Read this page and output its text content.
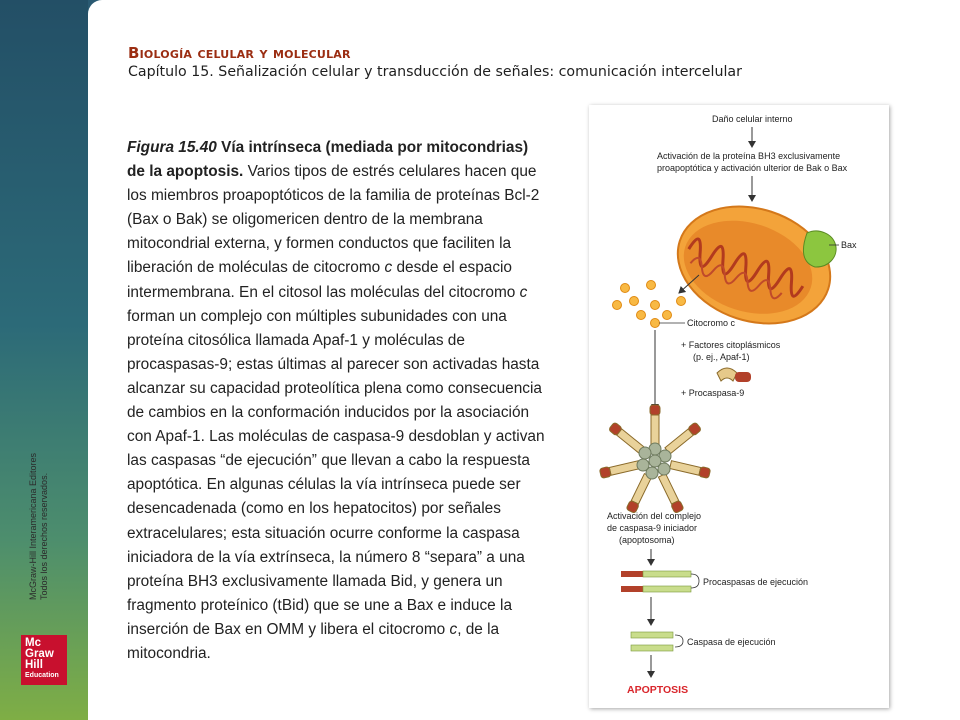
Biología celular y molecular

Capítulo 15. Señalización celular y transducción de señales: comunicación intercelular

Figura 15.40 Vía intrínseca (mediada por mitocondrias) de la apoptosis. Varios tipos de estrés celulares hacen que los miembros proapoptóticos de la familia de proteínas Bcl-2 (Bax o Bak) se oligomericen dentro de la membrana mitocondrial externa, y formen conductos que faciliten la liberación de moléculas de citocromo c desde el espacio intermembrana. En el citosol las moléculas del citocromo c forman un complejo con múltiples subunidades con una proteína citosólica llamada Apaf-1 y moléculas de procaspasas-9; estas últimas al parecer son activadas hasta alcanzar su capacidad proteolítica plena como consecuencia de cambios en la conformación inducidos por la asociación con Apaf-1. Las moléculas de caspasa-9 desdoblan y activan las caspasas “de ejecución” que llevan a cabo la respuesta apoptótica. En algunas células la vía intrínseca puede ser desencadenada (como en los hepatocitos) por señales extracelulares; esta situación ocurre conforme la caspasa iniciadora de la vía extrínseca, la número 8 “separa” a una proteína BH3 exclusivamente llamada Bid, y genera un fragmento proteínico (tBid) que se une a Bax e induce la inserción de Bax en OMM y libera el citocromo c, de la mitocondria.

McGraw-Hill Interamericana Editores Todos los derechos reservados.
Mc
Graw
Hill
Education
Daño celular interno
Activación de la proteína BH3 exclusivamente
proapoptótica y activación ulterior de Bak o Bax
Bax
Citocromo c
+ Factores citoplásmicos
(p. ej., Apaf-1)
+ Procaspasa-9
Activación del complejo
de caspasa-9 iniciador
(apoptosoma)
Procaspasas de ejecución
Caspasa de ejecución
APOPTOSIS
